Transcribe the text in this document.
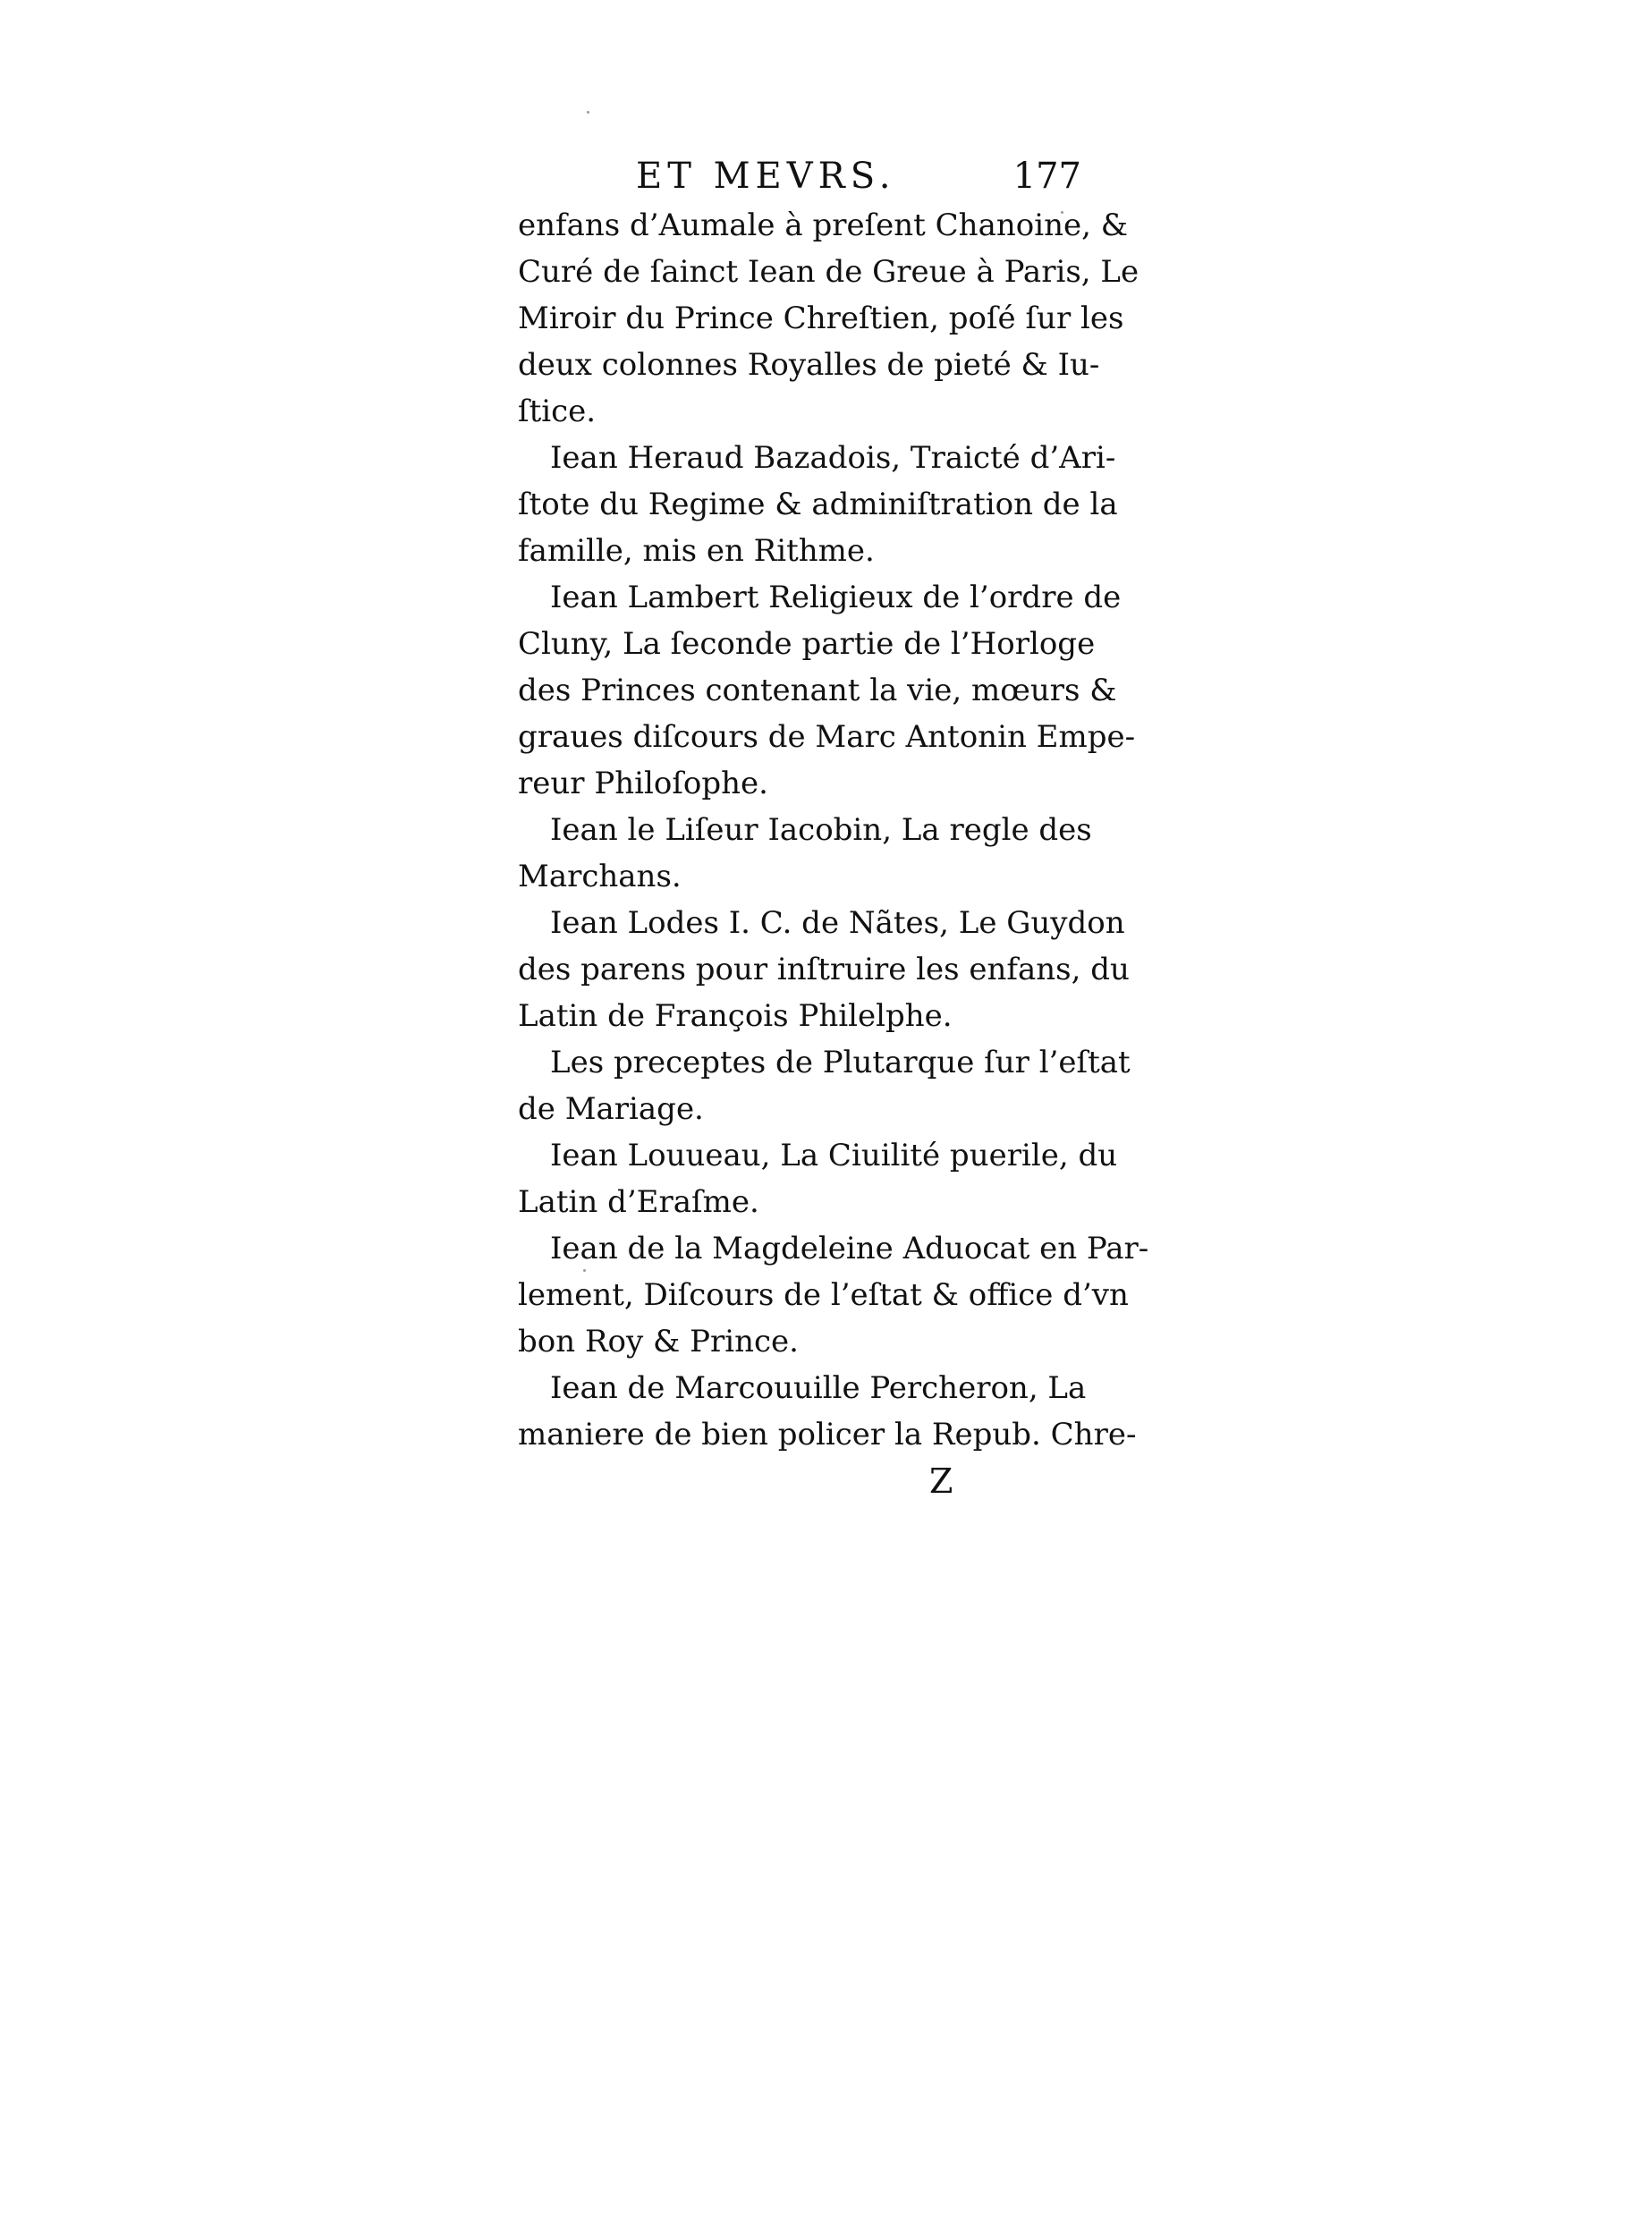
ET MEVRS.	177
enfans d’Aumale à preſent Chanoine, &
Curé de ſainct Iean de Greue à Paris, Le
Miroir du Prince Chreſtien, poſé ſur les
deux colonnes Royalles de pieté & Iu-
ſtice.
Iean Heraud Bazadois, Traicté d’Ari-
ſtote du Regime & adminiſtration de la
famille, mis en Rithme.
Iean Lambert Religieux de l’ordre de
Cluny, La ſeconde partie de l’Horloge
des Princes contenant la vie, mœurs &
graues diſcours de Marc Antonin Empe-
reur Philoſophe.
Iean le Liſeur Iacobin, La regle des
Marchans.
Iean Lodes I. C. de Nãtes, Le Guydon
des parens pour inſtruire les enfans, du
Latin de François Philelphe.
Les preceptes de Plutarque ſur l’eſtat
de Mariage.
Iean Louueau, La Ciuilité puerile, du
Latin d’Eraſme.
Iean de la Magdeleine Aduocat en Par-
lement, Diſcours de l’eſtat & office d’vn
bon Roy & Prince.
Iean de Marcouuille Percheron, La
maniere de bien policer la Repub. Chre-
Z
